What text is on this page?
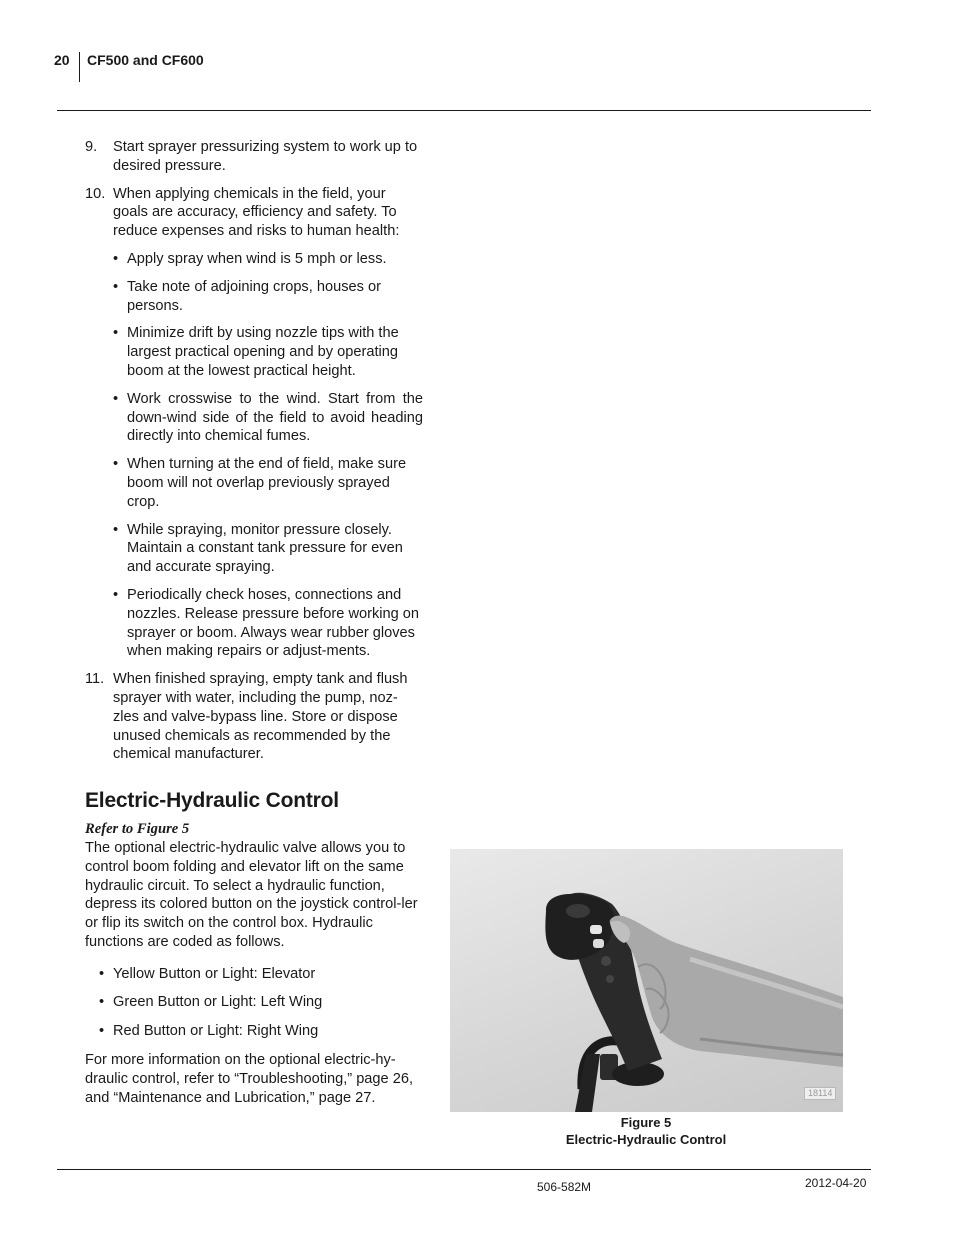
20 CF500 and CF600
9. Start sprayer pressurizing system to work up to desired pressure.

10. When applying chemicals in the field, your goals are accuracy, efficiency and safety. To reduce expenses and risks to human health:

• Apply spray when wind is 5 mph or less.
• Take note of adjoining crops, houses or persons.
• Minimize drift by using nozzle tips with the largest practical opening and by operating boom at the lowest practical height.
• Work crosswise to the wind. Start from the down-wind side of the field to avoid heading directly into chemical fumes.
• When turning at the end of field, make sure boom will not overlap previously sprayed crop.
• While spraying, monitor pressure closely. Maintain a constant tank pressure for even and accurate spraying.
• Periodically check hoses, connections and nozzles. Release pressure before working on sprayer or boom. Always wear rubber gloves when making repairs or adjust-ments.
11. When finished spraying, empty tank and flush sprayer with water, including the pump, noz-zles and valve-bypass line. Store or dispose unused chemicals as recommended by the chemical manufacturer.

Electric-Hydraulic Control

Refer to Figure 5

The optional electric-hydraulic valve allows you to control boom folding and elevator lift on the same hydraulic circuit. To select a hydraulic function, depress its colored button on the joystick control-ler or flip its switch on the control box. Hydraulic functions are coded as follows.

• Yellow Button or Light: Elevator
• Green Button or Light: Left Wing
• Red Button or Light: Right Wing

For more information on the optional electric-hy-draulic control, refer to “Troubleshooting,” page 26, and “Maintenance and Lubrication,” page 27.	18114
Figure 5
Electric-Hydraulic Control
506-582M	2012-04-20
